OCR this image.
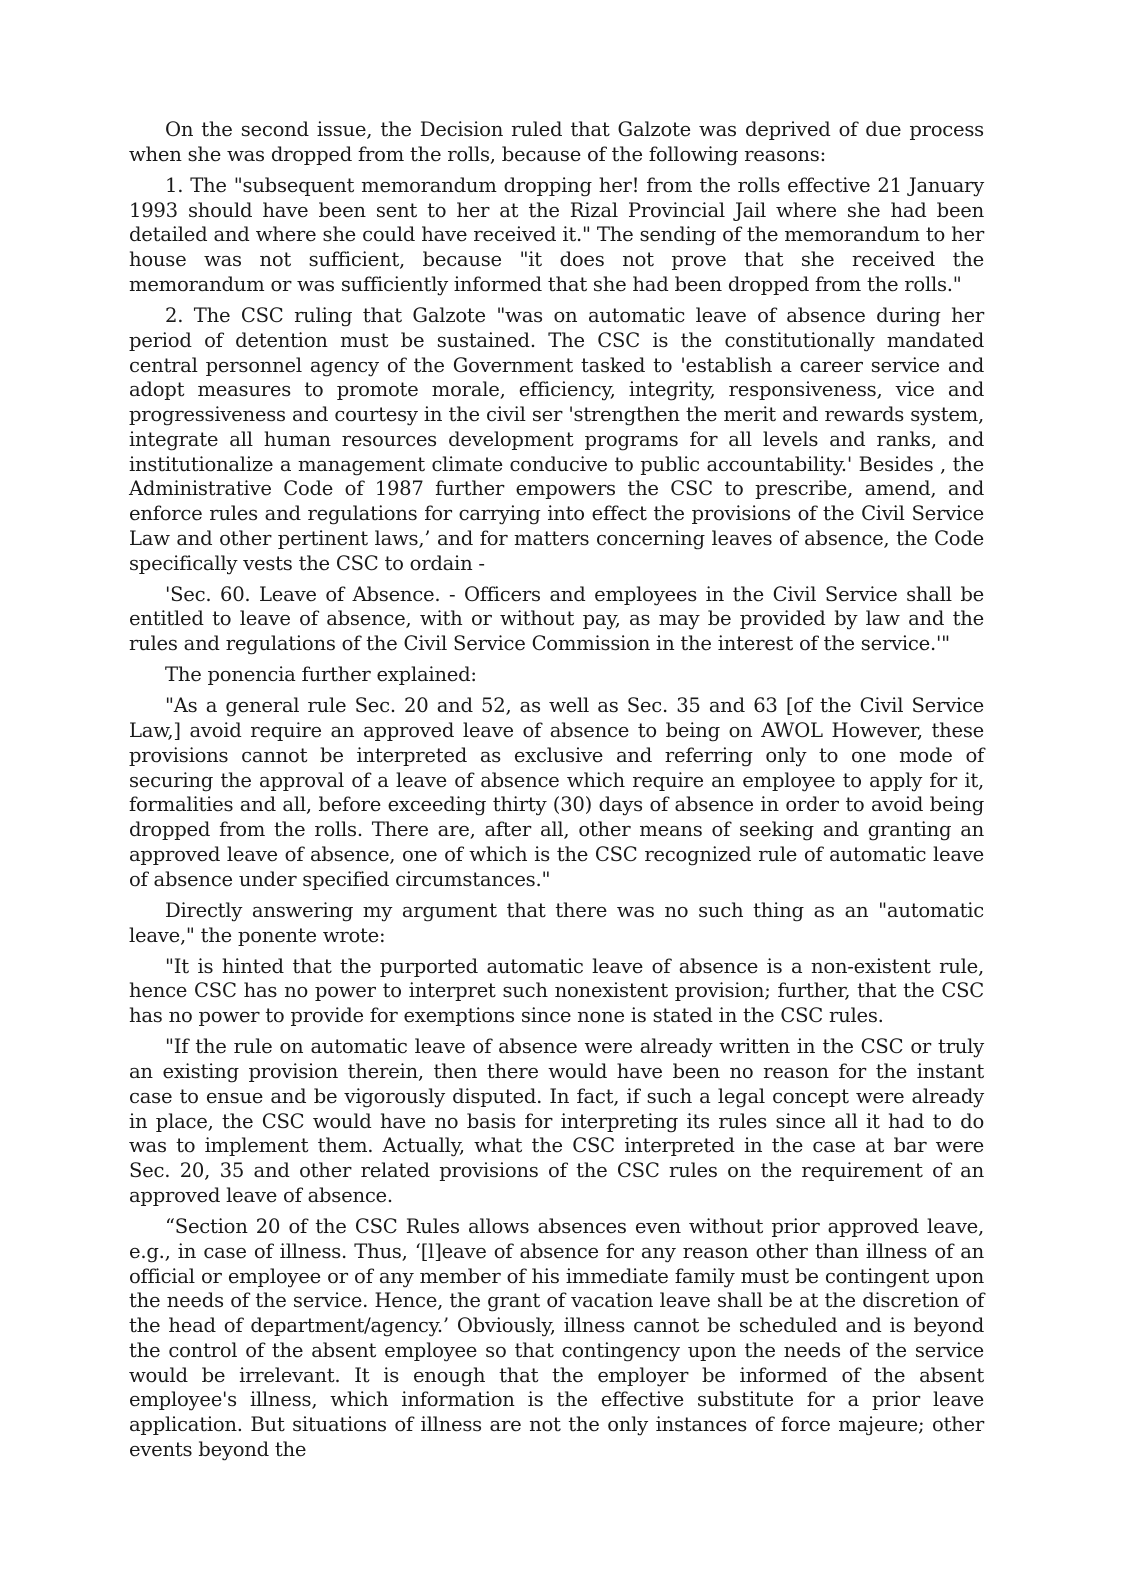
On the second issue, the Decision ruled that Galzote was deprived of due process when she was dropped from the rolls, because of the following reasons:

1. The "subsequent memorandum dropping her! from the rolls effective 21 January 1993 should have been sent to her at the Rizal Provincial Jail where she had been detailed and where she could have received it." The sending of the memorandum to her house was not sufficient, because "it does not prove that she received the memorandum or was sufficiently informed that she had been dropped from the rolls."

2. The CSC ruling that Galzote "was on automatic leave of absence during her period of detention must be sustained. The CSC is the constitutionally mandated central personnel agency of the Government tasked to 'establish a career service and adopt measures to promote morale, efficiency, integrity, responsiveness, vice and progressiveness and courtesy in the civil ser 'strengthen the merit and rewards system, integrate all human resources development programs for all levels and ranks, and institutionalize a management climate conducive to public accountability.' Besides , the Administrative Code of 1987 further empowers the CSC to prescribe, amend, and enforce rules and regulations for carrying into effect the provisions of the Civil Service Law and other pertinent laws,’ and for matters concerning leaves of absence, the Code specifically vests the CSC to ordain -

'Sec. 60. Leave of Absence. - Officers and employees in the Civil Service shall be entitled to leave of absence, with or without pay, as may be provided by law and the rules and regulations of the Civil Service Commission in the interest of the service.'"

The ponencia further explained:

"As a general rule Sec. 20 and 52, as well as Sec. 35 and 63 [of the Civil Service Law,] avoid require an approved leave of absence to being on AWOL However, these provisions cannot be interpreted as exclusive and referring only to one mode of securing the approval of a leave of absence which require an employee to apply for it, formalities and all, before exceeding thirty (30) days of absence in order to avoid being dropped from the rolls. There are, after all, other means of seeking and granting an approved leave of absence, one of which is the CSC recognized rule of automatic leave of absence under specified circumstances."

Directly answering my argument that there was no such thing as an "automatic leave," the ponente wrote:

"It is hinted that the purported automatic leave of absence is a non-existent rule, hence CSC has no power to interpret such nonexistent provision; further, that the CSC has no power to provide for exemptions since none is stated in the CSC rules.

"If the rule on automatic leave of absence were already written in the CSC or truly an existing provision therein, then there would have been no reason for the instant case to ensue and be vigorously disputed. In fact, if such a legal concept were already in place, the CSC would have no basis for interpreting its rules since all it had to do was to implement them. Actually, what the CSC interpreted in the case at bar were Sec. 20, 35 and other related provisions of the CSC rules on the requirement of an approved leave of absence.

“Section 20 of the CSC Rules allows absences even without prior approved leave, e.g., in case of illness. Thus, ‘[l]eave of absence for any reason other than illness of an official or employee or of any member of his immediate family must be contingent upon the needs of the service. Hence, the grant of vacation leave shall be at the discretion of the head of department/agency.’ Obviously, illness cannot be scheduled and is beyond the control of the absent employee so that contingency upon the needs of the service would be irrelevant. It is enough that the employer be informed of the absent employee's illness, which information is the effective substitute for a prior leave application. But situations of illness are not the only instances of force majeure; other events beyond the
